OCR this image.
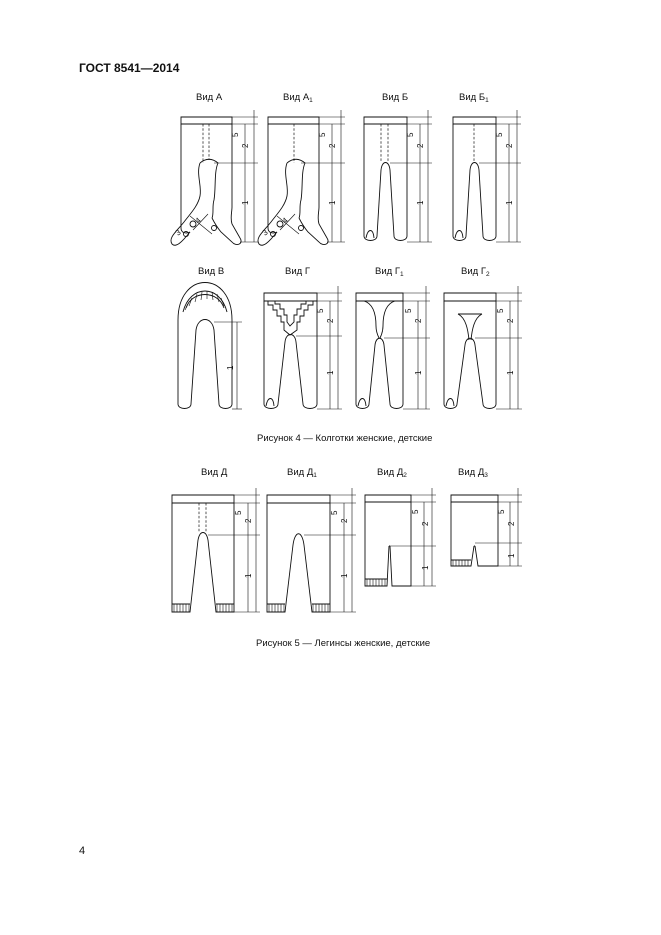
ГОСТ 8541—2014
Вид А	Вид $А_1$	Вид Б	Вид $Б_1$
Вид В	Вид Г	Вид $Г_1$	Вид $Г_2$
Рисунок 4 — Колготки женские, детские
Вид Д	Вид $Д_1$	Вид $Д_2$	Вид $Д_3$
Рисунок 5 — Легинсы женские, детские
4
4
3
5
2
1
4
3
5
2
1
5
2
1
5
2
1
1
5
2
1
5
2
1
5
2
1
5
2
1
5
2
1
5
2
1
5
2
1
